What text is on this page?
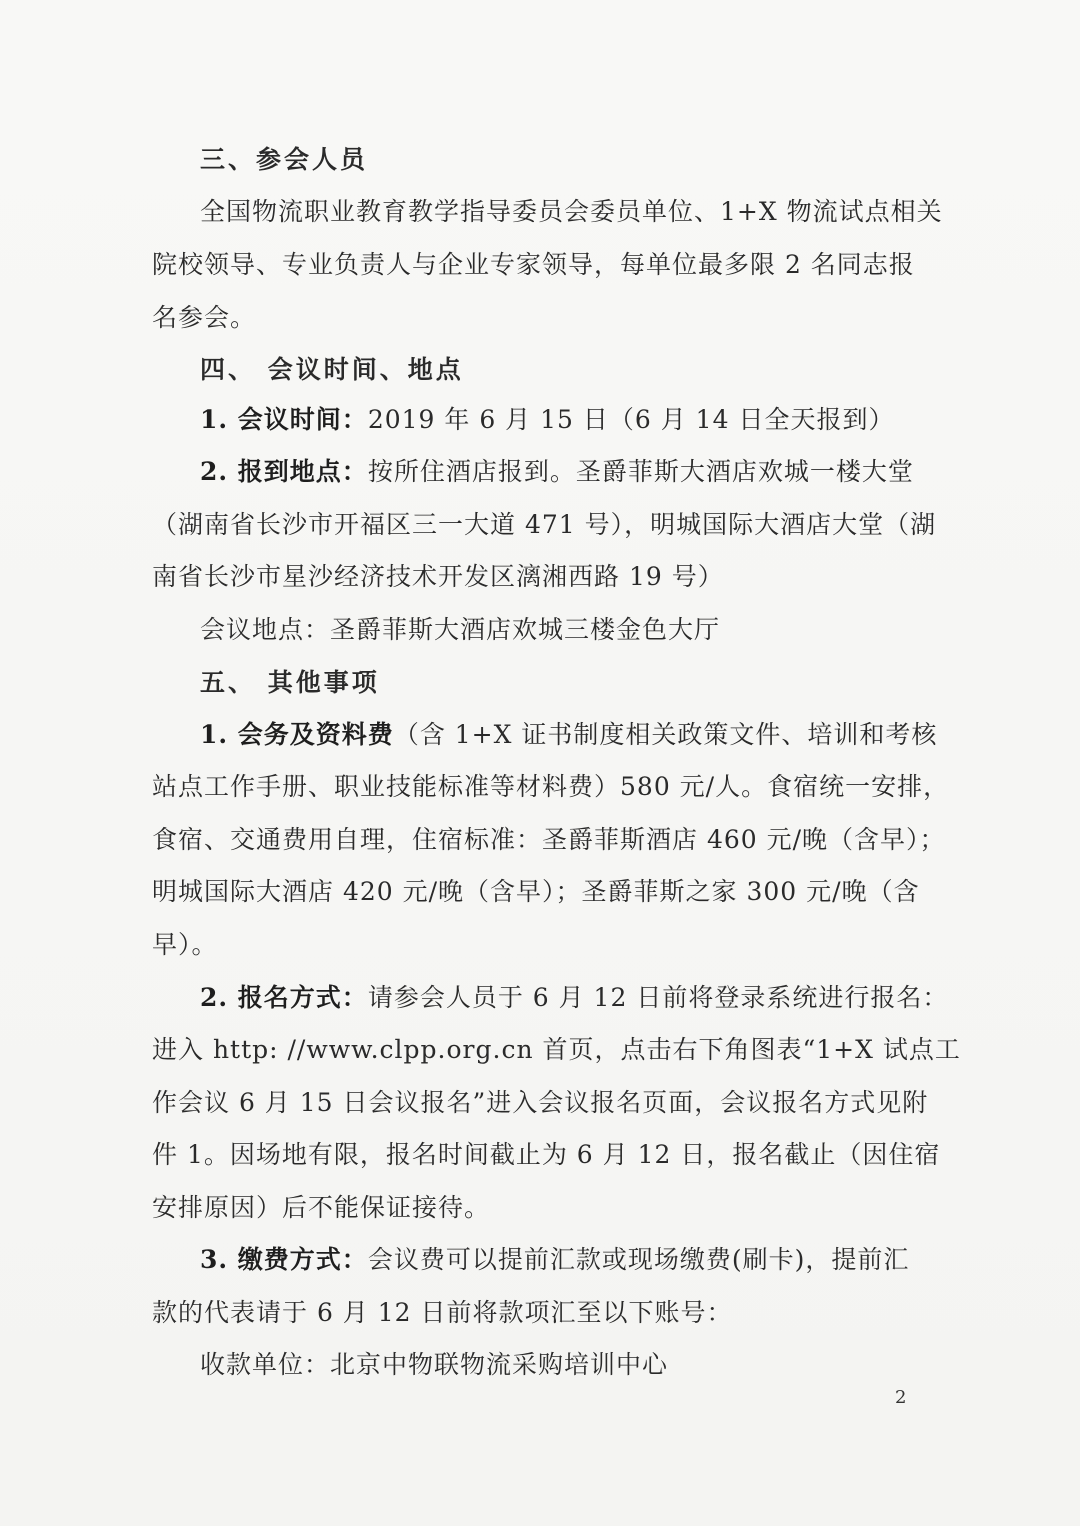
三、参会人员
全国物流职业教育教学指导委员会委员单位、1+X 物流试点相关
院校领导、专业负责人与企业专家领导，每单位最多限 2 名同志报
名参会。
四、 会议时间、地点
1. 会议时间：2019 年 6 月 15 日（6 月 14 日全天报到）
2. 报到地点：按所住酒店报到。圣爵菲斯大酒店欢城一楼大堂
（湖南省长沙市开福区三一大道 471 号），明城国际大酒店大堂（湖
南省长沙市星沙经济技术开发区漓湘西路 19 号）
会议地点：圣爵菲斯大酒店欢城三楼金色大厅
五、 其他事项
1. 会务及资料费（含 1+X 证书制度相关政策文件、培训和考核
站点工作手册、职业技能标准等材料费）580 元/人。食宿统一安排，
食宿、交通费用自理，住宿标准：圣爵菲斯酒店 460 元/晚（含早）；
明城国际大酒店 420 元/晚（含早）；圣爵菲斯之家 300 元/晚（含
早）。
2. 报名方式：请参会人员于 6 月 12 日前将登录系统进行报名：
进入 http: //www.clpp.org.cn 首页，点击右下角图表“1+X 试点工
作会议 6 月 15 日会议报名”进入会议报名页面，会议报名方式见附
件 1。因场地有限，报名时间截止为 6 月 12 日，报名截止（因住宿
安排原因）后不能保证接待。
3. 缴费方式：会议费可以提前汇款或现场缴费(刷卡)，提前汇
款的代表请于 6 月 12 日前将款项汇至以下账号：
收款单位：北京中物联物流采购培训中心
2
